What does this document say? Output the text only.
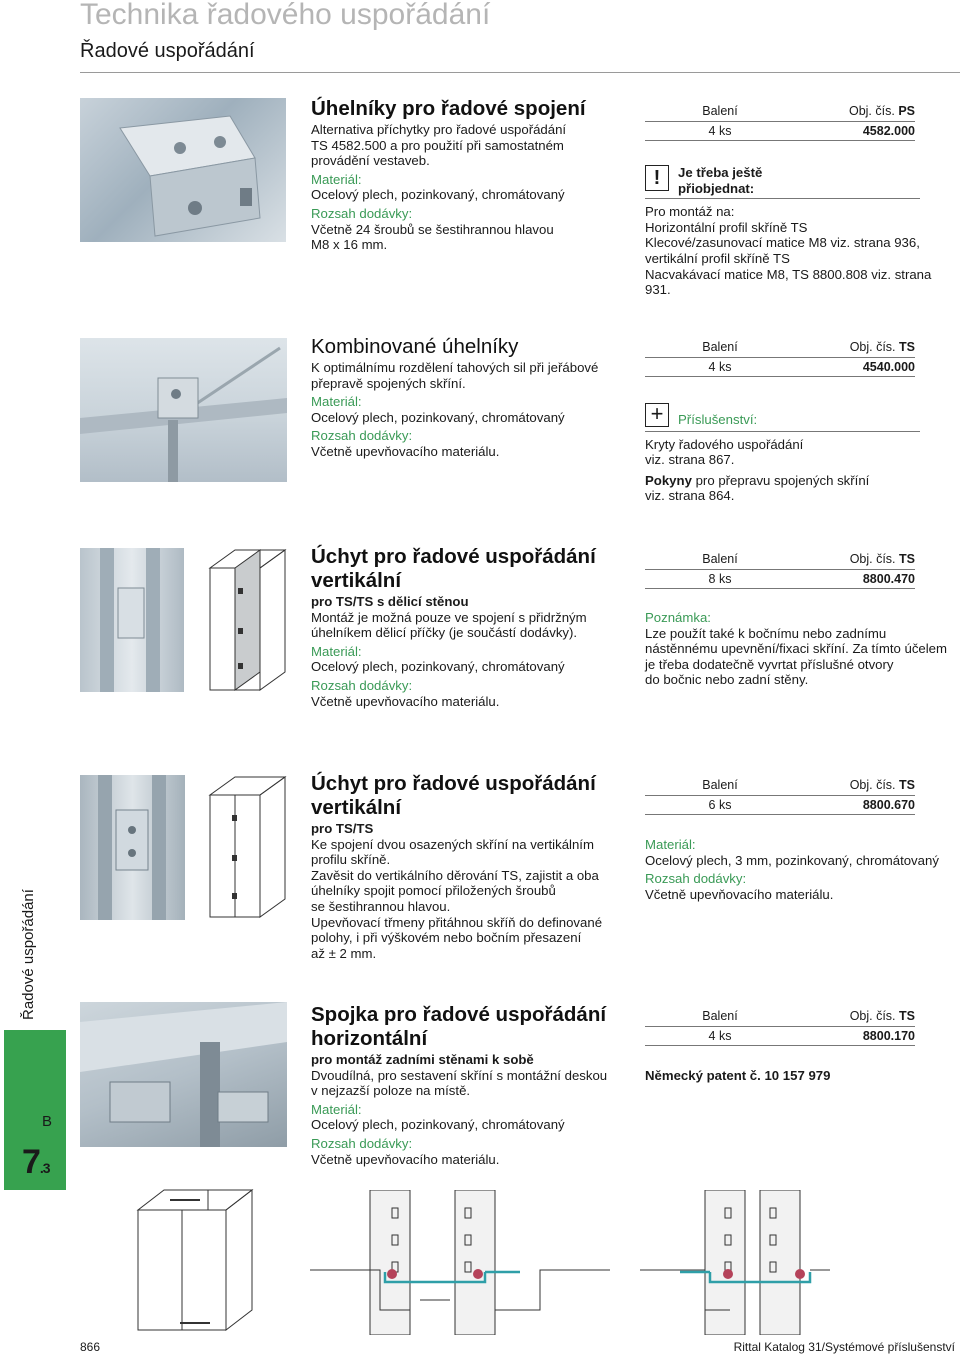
Technika řadového uspořádání
Řadové uspořádání
Úhelníky pro řadové spojení
Alternativa příchytky pro řadové uspořádání
TS 4582.500 a pro použití při samostatném
provádění vestaveb.
Materiál:
Ocelový plech, pozinkovaný, chromátovaný
Rozsah dodávky:
Včetně 24 šroubů se šestihrannou hlavou
M8 x 16 mm.
Balení	Obj. čís. PS
4 ks	4582.000
!	Je třeba ještě
přiobjednat:
Pro montáž na:
Horizontální profil skříně TS
Klecové/zasunovací matice M8 viz. strana 936,
vertikální profil skříně TS
Nacvakávací matice M8, TS 8800.808 viz. strana
931.
Kombinované úhelníky
K optimálnímu rozdělení tahových sil při jeřábové
přepravě spojených skříní.
Materiál:
Ocelový plech, pozinkovaný, chromátovaný
Rozsah dodávky:
Včetně upevňovacího materiálu.
Balení	Obj. čís. TS
4 ks	4540.000
+	Příslušenství:
Kryty řadového uspořádání
viz. strana 867.
Pokyny pro přepravu spojených skříní
viz. strana 864.
Úchyt pro řadové uspořádání
vertikální
pro TS/TS s dělicí stěnou
Montáž je možná pouze ve spojení s přidržným
úhelníkem dělicí příčky (je součástí dodávky).
Materiál:
Ocelový plech, pozinkovaný, chromátovaný
Rozsah dodávky:
Včetně upevňovacího materiálu.
Balení	Obj. čís. TS
8 ks	8800.470
Poznámka:
Lze použít také k bočnímu nebo zadnímu
nástěnnému upevnění/fixaci skříní. Za tímto účelem
je třeba dodatečně vyvrtat příslušné otvory
do bočnic nebo zadní stěny.
Úchyt pro řadové uspořádání
vertikální
pro TS/TS
Ke spojení dvou osazených skříní na vertikálním
profilu skříně.
Zavěsit do vertikálního děrování TS, zajistit a oba
úhelníky spojit pomocí přiložených šroubů
se šestihrannou hlavou.
Upevňovací třmeny přitáhnou skříň do definované
polohy, i při výškovém nebo bočním přesazení
až ± 2 mm.
Balení	Obj. čís. TS
6 ks	8800.670
Materiál:
Ocelový plech, 3 mm, pozinkovaný, chromátovaný
Rozsah dodávky:
Včetně upevňovacího materiálu.
Spojka pro řadové uspořádání
horizontální
pro montáž zadními stěnami k sobě
Dvoudílná, pro sestavení skříní s montážní deskou
v nejzazší poloze na místě.
Materiál:
Ocelový plech, pozinkovaný, chromátovaný
Rozsah dodávky:
Včetně upevňovacího materiálu.
Balení	Obj. čís. TS
4 ks	8800.170
Německý patent č. 10 157 979
Řadové uspořádání
B
7.3
866	Rittal Katalog 31/Systémové příslušenství
